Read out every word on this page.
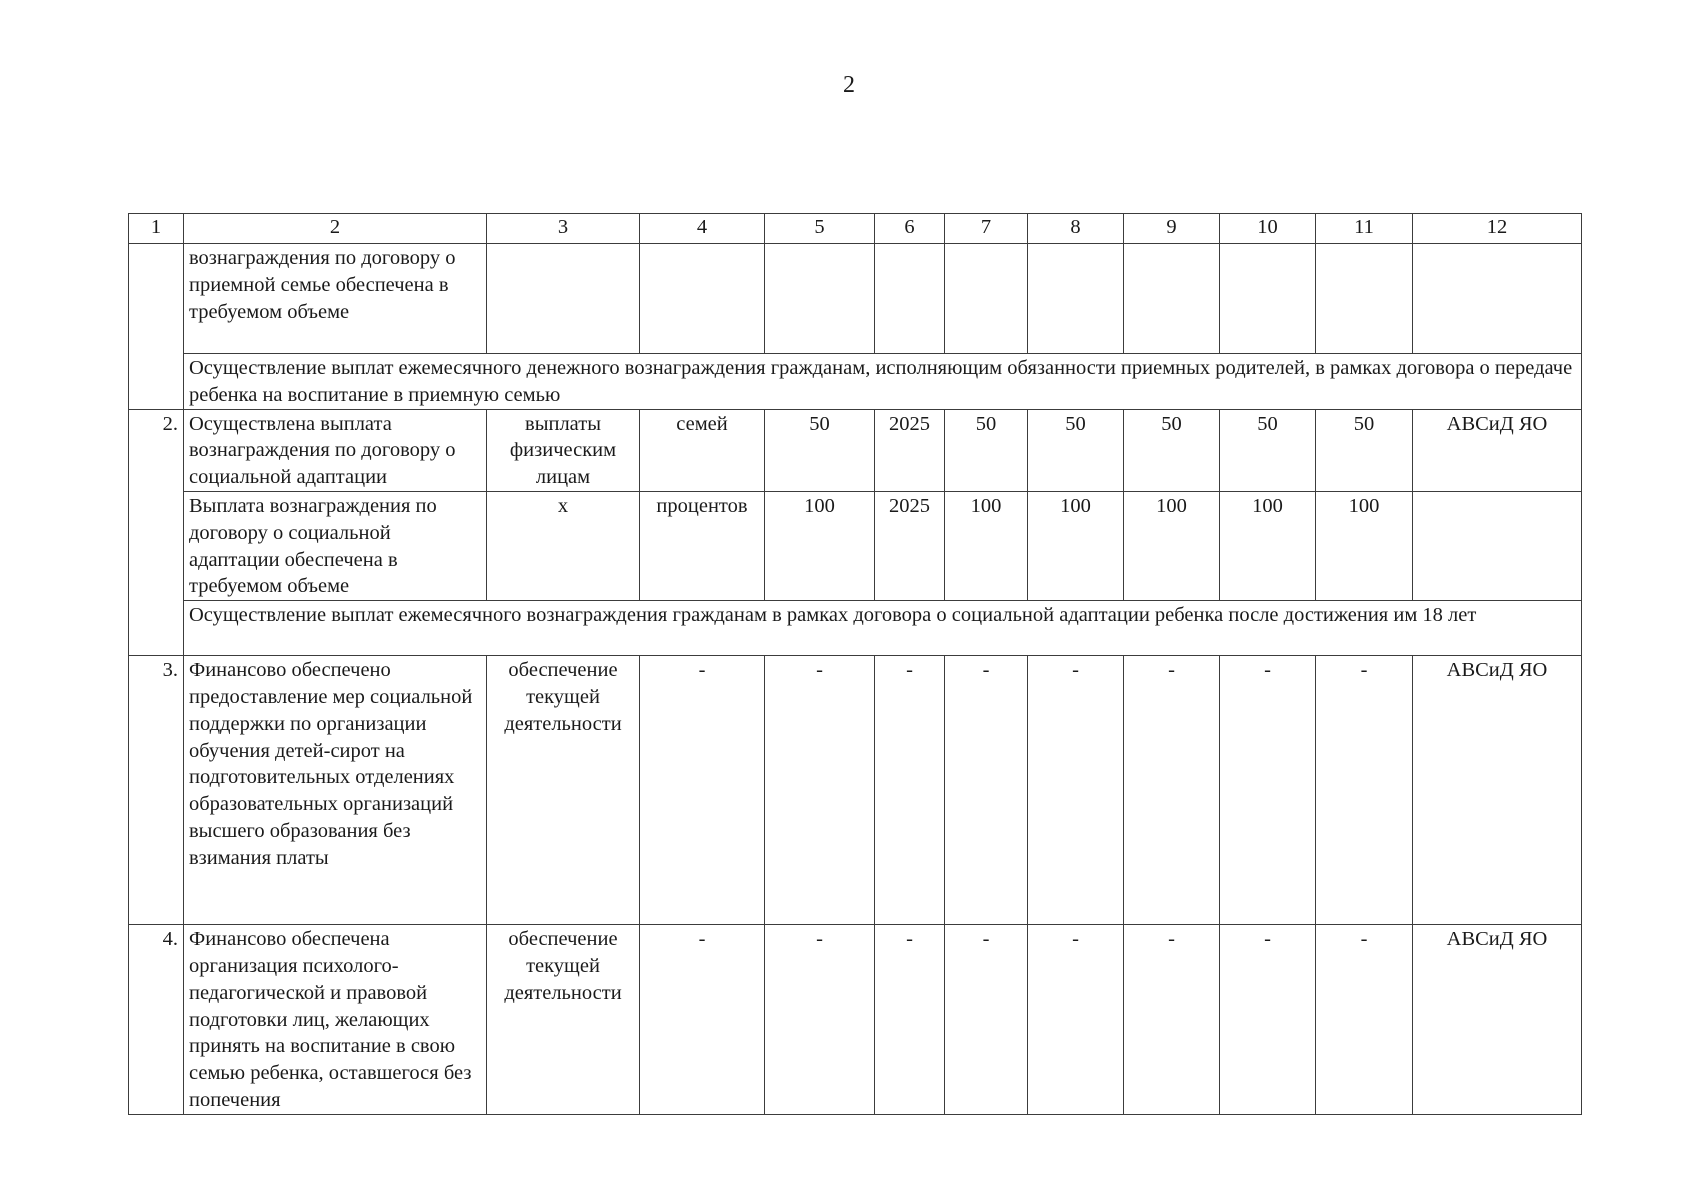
2
1	2	3	4	5	6	7	8	9	10	11	12
	вознаграждения по договору о приемной семье обеспечена в требуемом объеме										
	Осуществление выплат ежемесячного денежного вознаграждения гражданам, исполняющим обязанности приемных родителей, в рамках договора о передаче ребенка на воспитание в приемную семью										
2.	Осуществлена выплата вознаграждения по договору о социальной адаптации	выплаты физическим лицам	семей	50	2025	50	50	50	50	50	АВСиД ЯО
	Выплата вознаграждения по договору о социальной адаптации обеспечена в требуемом объеме	х	процентов	100	2025	100	100	100	100	100	
	Осуществление выплат ежемесячного вознаграждения гражданам в рамках договора о социальной адаптации ребенка после достижения им 18 лет										
3.	Финансово обеспечено предоставление мер социальной поддержки по организации обучения детей-сирот на подготовительных отделениях образовательных организаций высшего образования без взимания платы	обеспечение текущей деятельности	-	-	-	-	-	-	-	-	АВСиД ЯО
4.	Финансово обеспечена организация психолого-педагогической и правовой подготовки лиц, желающих принять на воспитание в свою семью ребенка, оставшегося без попечения	обеспечение текущей деятельности	-	-	-	-	-	-	-	-	АВСиД ЯО
